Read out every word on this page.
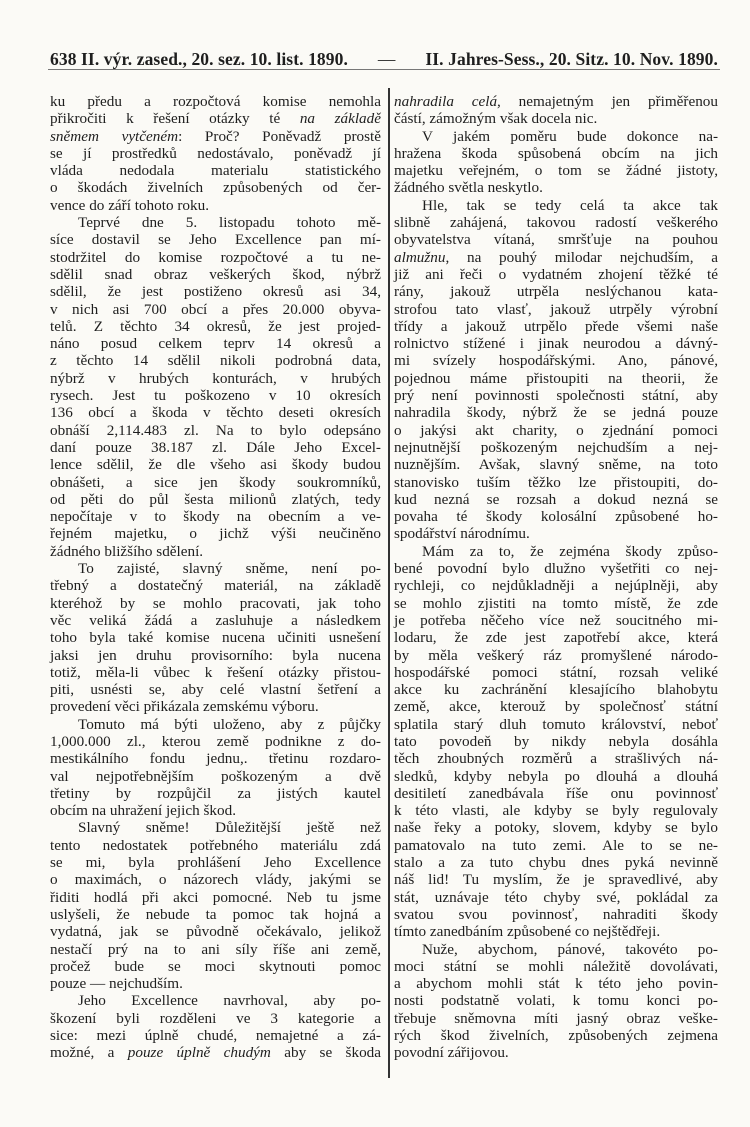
638 II. výr. zased., 20. sez. 10. list. 1890. — II. Jahres-Sess., 20. Sitz. 10. Nov. 1890.
ku předu a rozpočtová komise nemohla
přikročiti k řešení otázky té na základě
sněmem vytčeném: Proč? Poněvadž prostě
se jí prostředků nedostávalo, poněvadž jí
vláda nedodala materialu statistického
o škodách živelních způsobených od čer-
vence do září tohoto roku.
Teprvé dne 5. listopadu tohoto mě-
síce dostavil se Jeho Excellence pan mí-
stodržitel do komise rozpočtové a tu ne-
sdělil snad obraz veškerých škod, nýbrž
sdělil, že jest postiženo okresů asi 34,
v nich asi 700 obcí a přes 20.000 obyva-
telů. Z těchto 34 okresů, že jest projed-
náno posud celkem teprv 14 okresů a
z těchto 14 sdělil nikoli podrobná data,
nýbrž v hrubých konturách, v hrubých
rysech. Jest tu poškozeno v 10 okresích
136 obcí a škoda v těchto deseti okresích
obnáší 2,114.483 zl. Na to bylo odepsáno
daní pouze 38.187 zl. Dále Jeho Excel-
lence sdělil, že dle všeho asi škody budou
obnášeti, a sice jen škody soukromníků,
od pěti do půl šesta milionů zlatých, tedy
nepočítaje v to škody na obecním a ve-
řejném majetku, o jichž výši neučiněno
žádného bližšího sdělení.
To zajisté, slavný sněme, není po-
třebný a dostatečný materiál, na základě
kteréhož by se mohlo pracovati, jak toho
věc veliká žádá a zasluhuje a následkem
toho byla také komise nucena učiniti usnešení
jaksi jen druhu provisorního: byla nucena
totiž, měla-li vůbec k řešení otázky přistou-
piti, usnésti se, aby celé vlastní šetření a
provedení věci přikázala zemskému výboru.
Tomuto má býti uloženo, aby z půjčky
1,000.000 zl., kterou země podnikne z do-
mestikálního fondu jednu,. třetinu rozdaro-
val nejpotřebnějším poškozeným a dvě
třetiny by rozpůjčil za jistých kautel
obcím na uhražení jejich škod.
Slavný sněme! Důležitější ještě než
tento nedostatek potřebného materiálu zdá
se mi, byla prohlášení Jeho Excellence
o maximách, o názorech vlády, jakými se
řiditi hodlá při akci pomocné. Neb tu jsme
uslyšeli, že nebude ta pomoc tak hojná a
vydatná, jak se původně očekávalo, jelikož
nestačí prý na to ani síly říše ani země,
pročež bude se moci skytnouti pomoc
pouze — nejchudším.
Jeho Excellence navrhoval, aby po-
škození byli rozděleni ve 3 kategorie a
sice: mezi úplně chudé, nemajetné a zá-
možné, a pouze úplně chudým aby se škoda
nahradila celá, nemajetným jen přiměřenou
částí, zámožným však docela nic.
V jakém poměru bude dokonce na-
hražena škoda spůsobená obcím na jich
majetku veřejném, o tom se žádné jistoty,
žádného světla neskytlo.
Hle, tak se tedy celá ta akce tak
slibně zahájená, takovou radostí veškerého
obyvatelstva vítaná, smršťuje na pouhou
almužnu, na pouhý milodar nejchudším, a
již ani řeči o vydatném zhojení těžké té
rány, jakouž utrpěla neslýchanou kata-
strofou tato vlasť, jakouž utrpěly výrobní
třídy a jakouž utrpělo přede všemi naše
rolnictvo stížené i jinak neurodou a dávný-
mi svízely hospodářskými. Ano, pánové,
pojednou máme přistoupiti na theorii, že
prý není povinnosti společnosti státní, aby
nahradila škody, nýbrž že se jedná pouze
o jakýsi akt charity, o zjednání pomoci
nejnutnější poškozeným nejchudším a nej-
nuznějším. Avšak, slavný sněme, na toto
stanovisko tuším těžko lze přistoupiti, do-
kud nezná se rozsah a dokud nezná se
povaha té škody kolosální způsobené ho-
spodářství národnímu.
Mám za to, že zejména škody způso-
bené povodní bylo dlužno vyšetřiti co nej-
rychleji, co nejdůkladněji a nejúplněji, aby
se mohlo zjistiti na tomto místě, že zde
je potřeba něčeho více než soucitného mi-
lodaru, že zde jest zapotřebí akce, která
by měla veškerý ráz promyšlené národo-
hospodářské pomoci státní, rozsah veliké
akce ku zachránění klesajícího blahobytu
země, akce, kterouž by společnosť státní
splatila starý dluh tomuto království, neboť
tato povodeň by nikdy nebyla dosáhla
těch zhoubných rozměrů a strašlivých ná-
sledků, kdyby nebyla po dlouhá a dlouhá
desitiletí zanedbávala říše onu povinnosť
k této vlasti, ale kdyby se byly regulovaly
naše řeky a potoky, slovem, kdyby se bylo
pamatovalo na tuto zemi. Ale to se ne-
stalo a za tuto chybu dnes pyká nevinně
náš lid! Tu myslím, že je spravedlivé, aby
stát, uznávaje této chyby své, pokládal za
svatou svou povinnosť, nahraditi škody
tímto zanedbáním způsobené co nejštědřeji.
Nuže, abychom, pánové, takovéto po-
moci státní se mohli náležitě dovolávati,
a abychom mohli stát k této jeho povin-
nosti podstatně volati, k tomu konci po-
třebuje sněmovna míti jasný obraz veške-
rých škod živelních, způsobených zejmena
povodní zářijovou.
